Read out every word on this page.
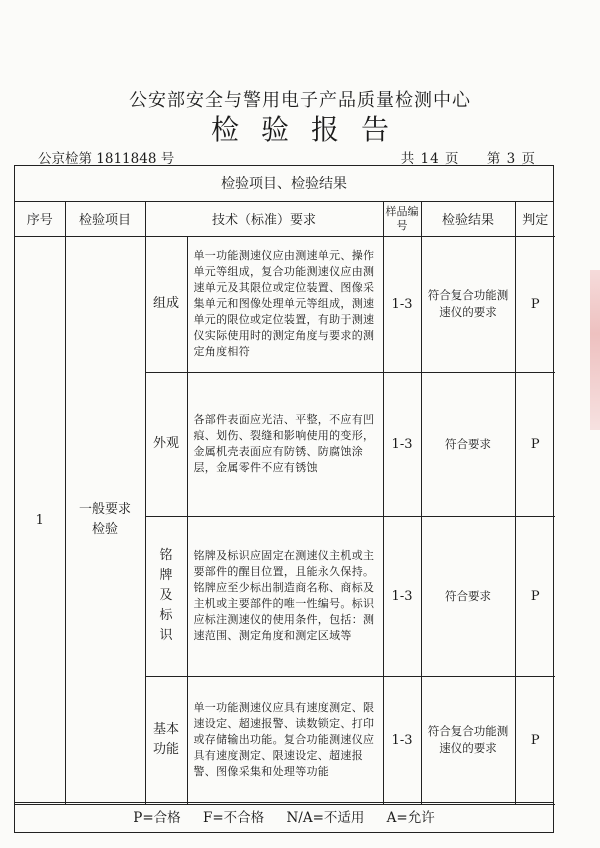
公安部安全与警用电子产品质量检测中心
检验报告
公京检第 1811848 号	共 14 页 第 3 页
检验项目、检验结果
序号	检验项目	技术（标准）要求		样品编号	检验结果	判定
1	一般要求检验	组成	单一功能测速仪应由测速单元、操作单元等组成，复合功能测速仪应由测速单元及其限位或定位装置、图像采集单元和图像处理单元等组成，测速单元的限位或定位装置，有助于测速仪实际使用时的测定角度与要求的测定角度相符	1-3	符合复合功能测速仪的要求	P
		外观	各部件表面应光洁、平整，不应有凹痕、划伤、裂缝和影响使用的变形，金属机壳表面应有防锈、防腐蚀涂层，金属零件不应有锈蚀	1-3	符合要求	P
		铭牌及标识	铭牌及标识应固定在测速仪主机或主要部件的醒目位置，且能永久保持。铭牌应至少标出制造商名称、商标及主机或主要部件的唯一性编号。标识应标注测速仪的使用条件，包括：测速范围、测定角度和测定区域等	1-3	符合要求	P
		基本功能	单一功能测速仪应具有速度测定、限速设定、超速报警、读数锁定、打印或存储输出功能。复合功能测速仪应具有速度测定、限速设定、超速报警、图像采集和处理等功能	1-3	符合复合功能测速仪的要求	P
P=合格 F=不合格 N/A=不适用 A=允许
